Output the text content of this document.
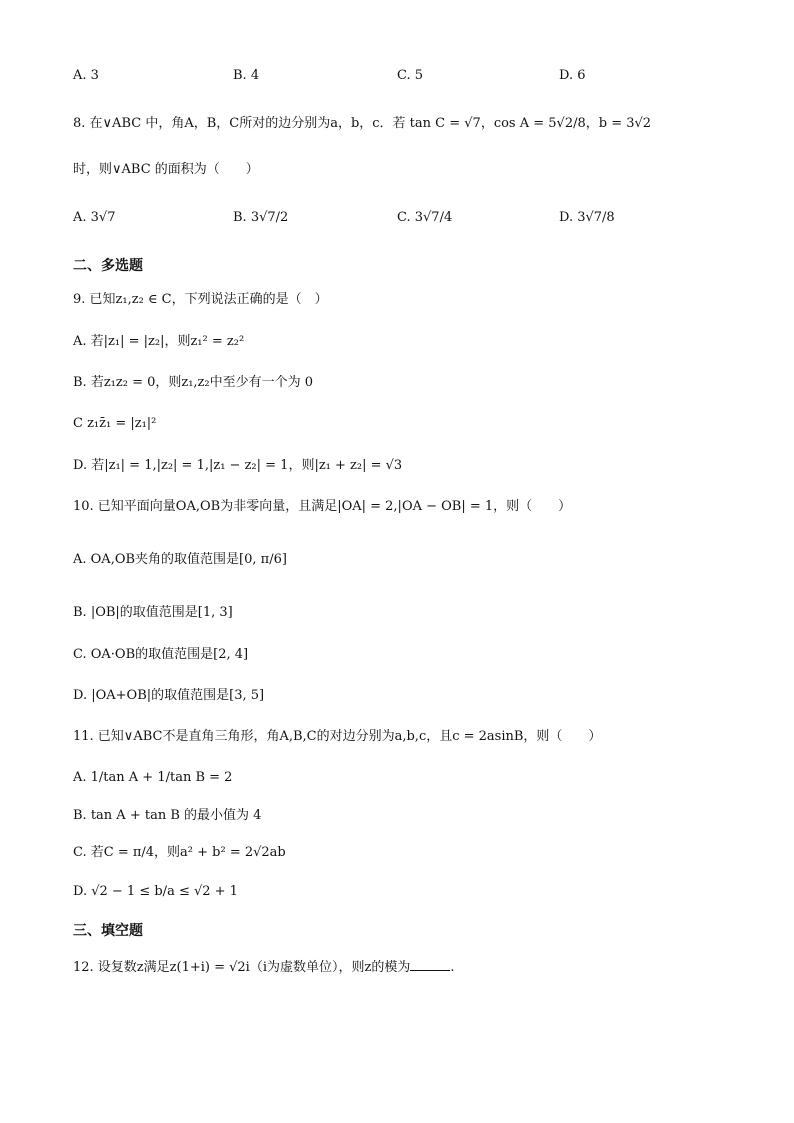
A. 3	B. 4	C. 5	D. 6
8. 在∨ABC 中，角A，B，C所对的边分别为a，b，c．若 tan C = √7，cos A = 5√2/8，b = 3√2
时，则∨ABC 的面积为（　　）
A. 3√7	B. 3√7/2	C. 3√7/4	D. 3√7/8
二、多选题
9. 已知z₁,z₂ ∈ C，下列说法正确的是（　）
A. 若|z₁| = |z₂|，则z₁² = z₂²
B. 若z₁z₂ = 0，则z₁,z₂中至少有一个为 0
C z₁z̄₁ = |z₁|²
D. 若|z₁| = 1,|z₂| = 1,|z₁ − z₂| = 1，则|z₁ + z₂| = √3
10. 已知平面向量OA,OB为非零向量，且满足|OA| = 2,|OA − OB| = 1，则（　　）
A. OA,OB夹角的取值范围是[0, π/6]
B. |OB|的取值范围是[1, 3]
C. OA·OB的取值范围是[2, 4]
D. |OA+OB|的取值范围是[3, 5]
11. 已知∨ABC不是直角三角形，角A,B,C的对边分别为a,b,c，且c = 2asinB，则（　　）
A. 1/tan A + 1/tan B = 2
B. tan A + tan B 的最小值为 4
C. 若C = π/4，则a² + b² = 2√2ab
D. √2 − 1 ≤ b/a ≤ √2 + 1
三、填空题
12. 设复数z满足z(1+i) = √2i（i为虚数单位），则z的模为	.
